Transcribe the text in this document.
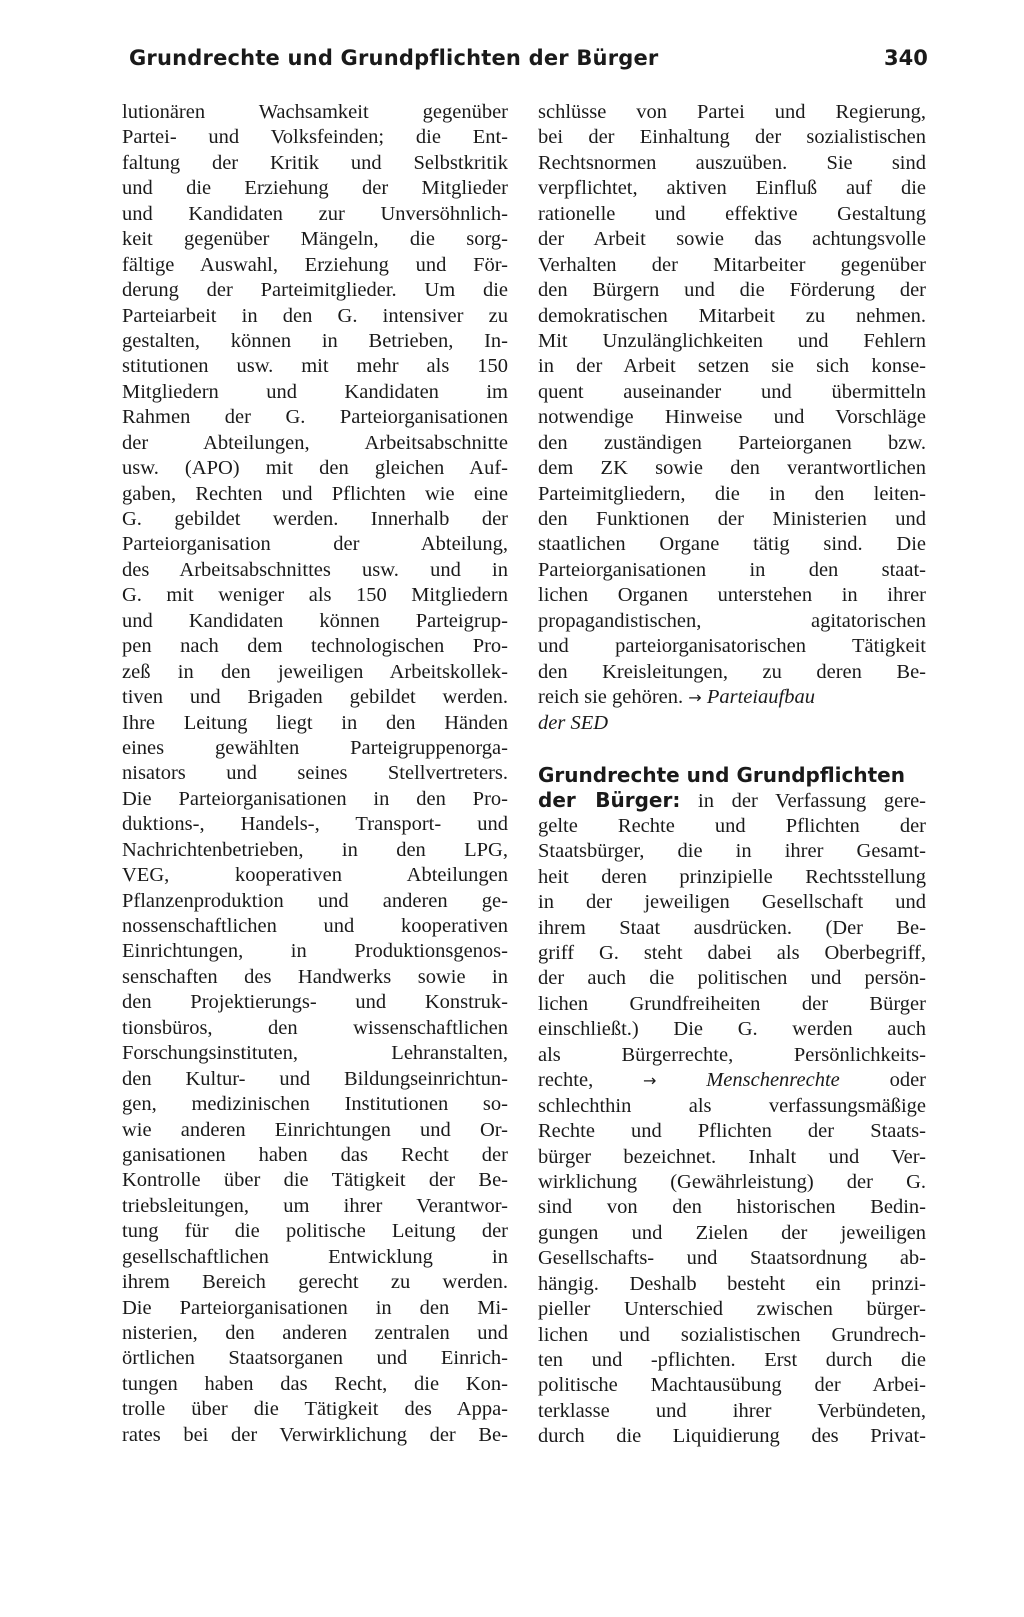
Grundrechte und Grundpflichten der Bürger	340
lutionären Wachsamkeit gegenüber
Partei- und Volksfeinden; die Ent-
faltung der Kritik und Selbstkritik
und die Erziehung der Mitglieder
und Kandidaten zur Unversöhnlich-
keit gegenüber Mängeln, die sorg-
fältige Auswahl, Erziehung und För-
derung der Parteimitglieder. Um die
Parteiarbeit in den G. intensiver zu
gestalten, können in Betrieben, In-
stitutionen usw. mit mehr als 150
Mitgliedern und Kandidaten im
Rahmen der G. Parteiorganisationen
der Abteilungen, Arbeitsabschnitte
usw. (APO) mit den gleichen Auf-
gaben, Rechten und Pflichten wie eine
G. gebildet werden. Innerhalb der
Parteiorganisation der Abteilung,
des Arbeitsabschnittes usw. und in
G. mit weniger als 150 Mitgliedern
und Kandidaten können Parteigrup-
pen nach dem technologischen Pro-
zeß in den jeweiligen Arbeitskollek-
tiven und Brigaden gebildet werden.
Ihre Leitung liegt in den Händen
eines gewählten Parteigruppenorga-
nisators und seines Stellvertreters.
Die Parteiorganisationen in den Pro-
duktions-, Handels-, Transport- und
Nachrichtenbetrieben, in den LPG,
VEG, kooperativen Abteilungen
Pflanzenproduktion und anderen ge-
nossenschaftlichen und kooperativen
Einrichtungen, in Produktionsgenos-
senschaften des Handwerks sowie in
den Projektierungs- und Konstruk-
tionsbüros, den wissenschaftlichen
Forschungsinstituten, Lehranstalten,
den Kultur- und Bildungseinrichtun-
gen, medizinischen Institutionen so-
wie anderen Einrichtungen und Or-
ganisationen haben das Recht der
Kontrolle über die Tätigkeit der Be-
triebsleitungen, um ihrer Verantwor-
tung für die politische Leitung der
gesellschaftlichen Entwicklung in
ihrem Bereich gerecht zu werden.
Die Parteiorganisationen in den Mi-
nisterien, den anderen zentralen und
örtlichen Staatsorganen und Einrich-
tungen haben das Recht, die Kon-
trolle über die Tätigkeit des Appa-
rates bei der Verwirklichung der Be-
schlüsse von Partei und Regierung,
bei der Einhaltung der sozialistischen
Rechtsnormen auszuüben. Sie sind
verpflichtet, aktiven Einfluß auf die
rationelle und effektive Gestaltung
der Arbeit sowie das achtungsvolle
Verhalten der Mitarbeiter gegenüber
den Bürgern und die Förderung der
demokratischen Mitarbeit zu nehmen.
Mit Unzulänglichkeiten und Fehlern
in der Arbeit setzen sie sich konse-
quent auseinander und übermitteln
notwendige Hinweise und Vorschläge
den zuständigen Parteiorganen bzw.
dem ZK sowie den verantwortlichen
Parteimitgliedern, die in den leiten-
den Funktionen der Ministerien und
staatlichen Organe tätig sind. Die
Parteiorganisationen in den staat-
lichen Organen unterstehen in ihrer
propagandistischen, agitatorischen
und parteiorganisatorischen Tätigkeit
den Kreisleitungen, zu deren Be-
reich sie gehören. → Parteiaufbau
der SED
Grundrechte und Grundpflichten
der Bürger: in der Verfassung gere-
gelte Rechte und Pflichten der
Staatsbürger, die in ihrer Gesamt-
heit deren prinzipielle Rechtsstellung
in der jeweiligen Gesellschaft und
ihrem Staat ausdrücken. (Der Be-
griff G. steht dabei als Oberbegriff,
der auch die politischen und persön-
lichen Grundfreiheiten der Bürger
einschließt.) Die G. werden auch
als Bürgerrechte, Persönlichkeits-
rechte,	→ Menschenrechte oder
schlechthin als verfassungsmäßige
Rechte und Pflichten der Staats-
bürger bezeichnet. Inhalt und Ver-
wirklichung (Gewährleistung) der G.
sind von den historischen Bedin-
gungen und Zielen der jeweiligen
Gesellschafts- und Staatsordnung ab-
hängig. Deshalb besteht ein prinzi-
pieller Unterschied zwischen bürger-
lichen und sozialistischen Grundrech-
ten und -pflichten. Erst durch die
politische Machtausübung der Arbei-
terklasse und ihrer Verbündeten,
durch die Liquidierung des Privat-
